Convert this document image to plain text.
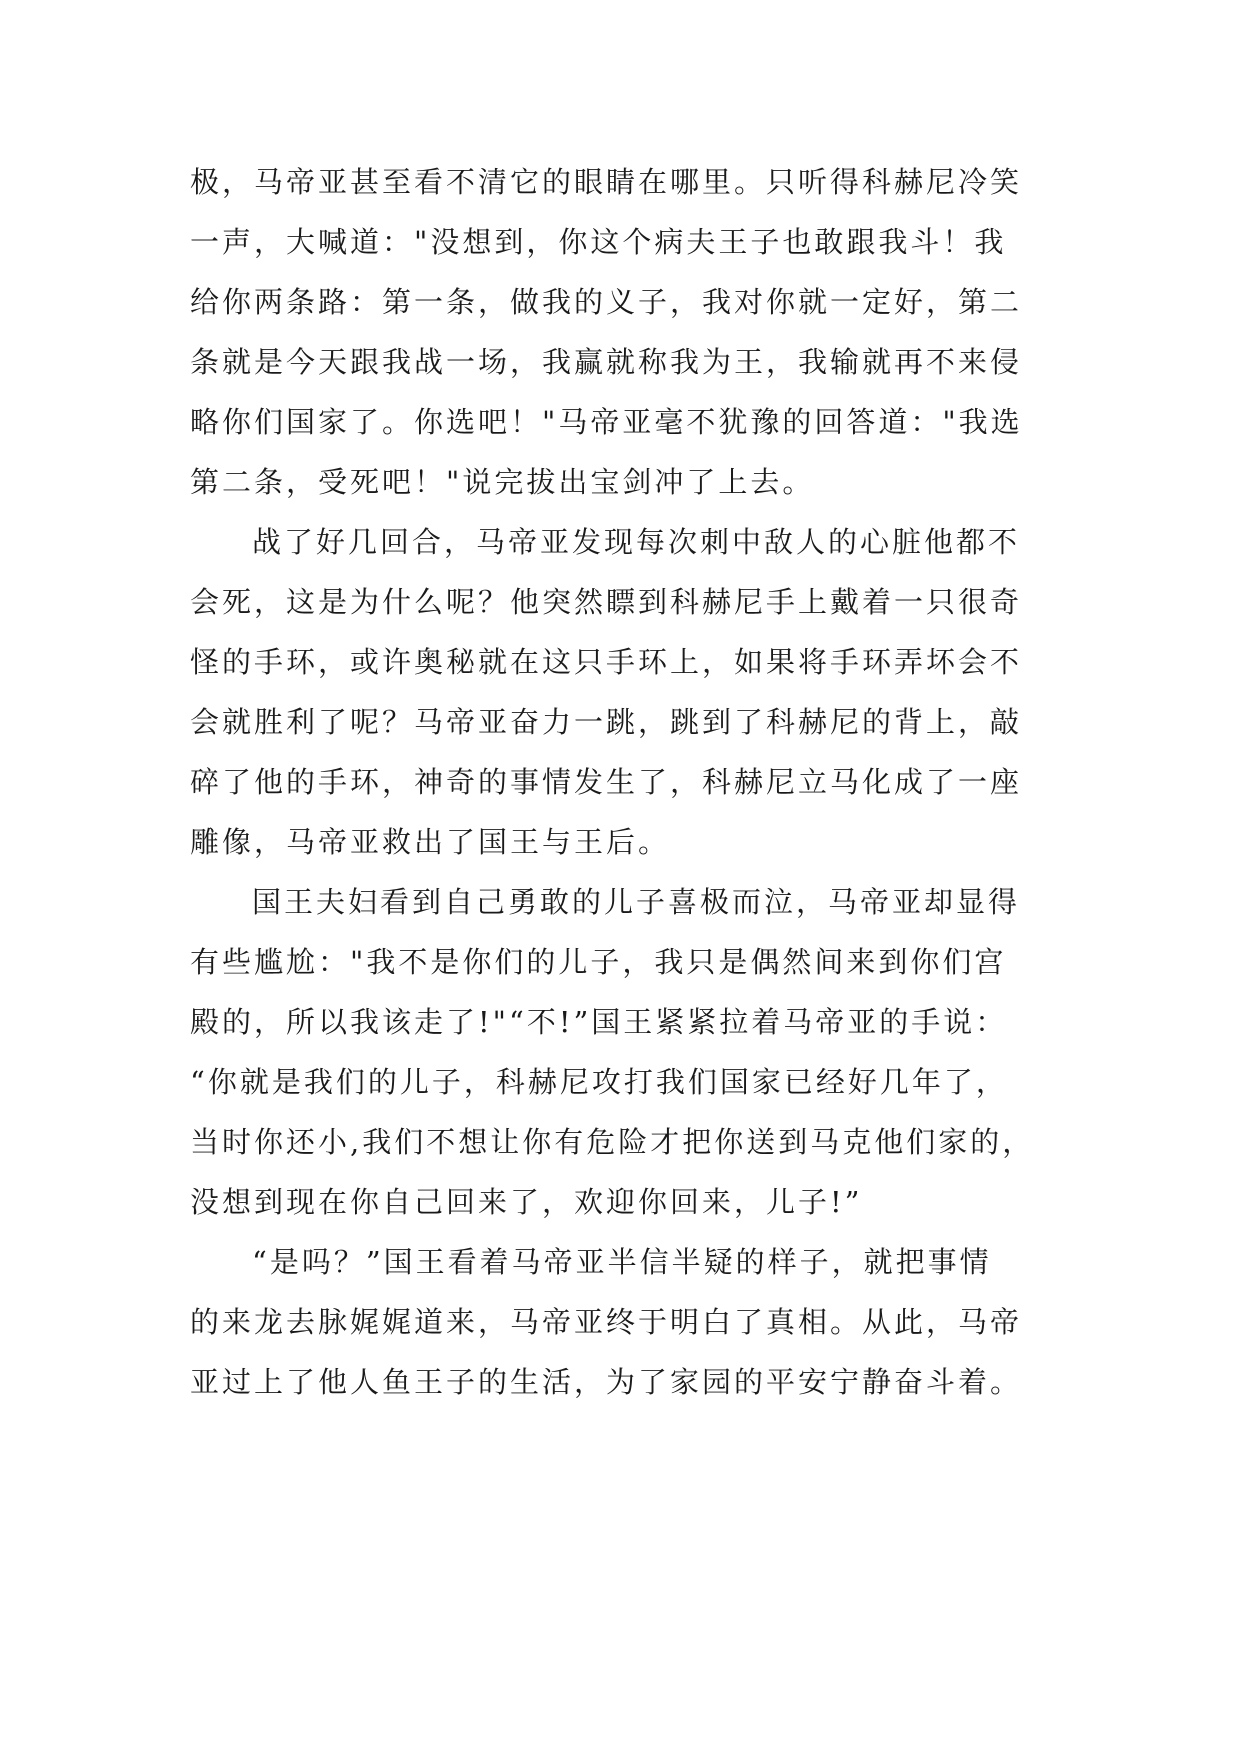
极，马帝亚甚至看不清它的眼睛在哪里。只听得科赫尼冷笑
一声，大喊道："没想到，你这个病夫王子也敢跟我斗！我
给你两条路：第一条，做我的义子，我对你就一定好，第二
条就是今天跟我战一场，我赢就称我为王，我输就再不来侵
略你们国家了。你选吧！"马帝亚毫不犹豫的回答道："我选
第二条，受死吧！"说完拔出宝剑冲了上去。
战了好几回合，马帝亚发现每次刺中敌人的心脏他都不
会死，这是为什么呢？他突然瞟到科赫尼手上戴着一只很奇
怪的手环，或许奥秘就在这只手环上，如果将手环弄坏会不
会就胜利了呢？马帝亚奋力一跳，跳到了科赫尼的背上，敲
碎了他的手环，神奇的事情发生了，科赫尼立马化成了一座
雕像，马帝亚救出了国王与王后。
国王夫妇看到自己勇敢的儿子喜极而泣，马帝亚却显得
有些尴尬："我不是你们的儿子，我只是偶然间来到你们宫
殿的，所以我该走了!"“不!”国王紧紧拉着马帝亚的手说：
“你就是我们的儿子，科赫尼攻打我们国家已经好几年了，
当时你还小,我们不想让你有危险才把你送到马克他们家的，
没想到现在你自己回来了，欢迎你回来，儿子!”
“是吗？”国王看着马帝亚半信半疑的样子，就把事情
的来龙去脉娓娓道来，马帝亚终于明白了真相。从此，马帝
亚过上了他人鱼王子的生活，为了家园的平安宁静奋斗着。
